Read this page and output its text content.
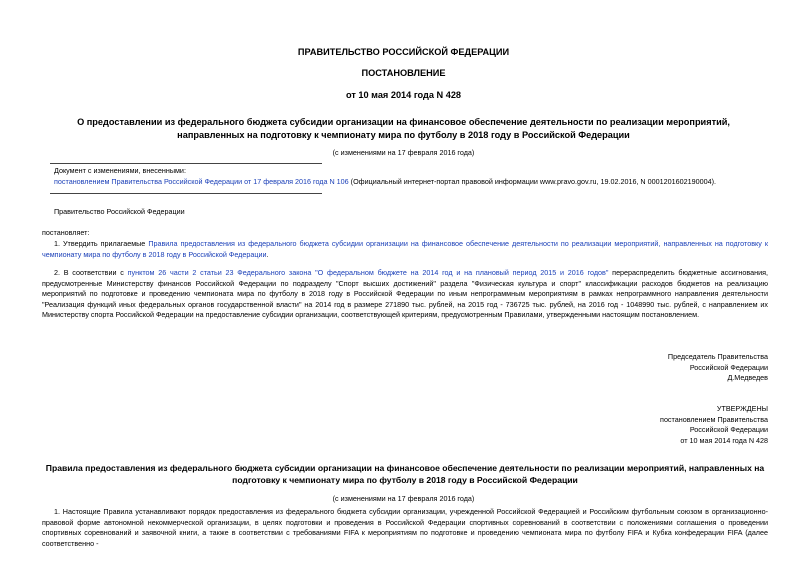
ПРАВИТЕЛЬСТВО РОССИЙСКОЙ ФЕДЕРАЦИИ
ПОСТАНОВЛЕНИЕ
от 10 мая 2014 года N 428
О предоставлении из федерального бюджета субсидии организации на финансовое обеспечение деятельности по реализации мероприятий, направленных на подготовку к чемпионату мира по футболу в 2018 году в Российской Федерации
(с изменениями на 17 февраля 2016 года)
Документ с изменениями, внесенными:
постановлением Правительства Российской Федерации от 17 февраля 2016 года N 106 (Официальный интернет-портал правовой информации www.pravo.gov.ru, 19.02.2016, N 0001201602190004).
Правительство Российской Федерации
постановляет:
1. Утвердить прилагаемые Правила предоставления из федерального бюджета субсидии организации на финансовое обеспечение деятельности по реализации мероприятий, направленных на подготовку к чемпионату мира по футболу в 2018 году в Российской Федерации.
2. В соответствии с пунктом 26 части 2 статьи 23 Федерального закона "О федеральном бюджете на 2014 год и на плановый период 2015 и 2016 годов" перераспределить бюджетные ассигнования, предусмотренные Министерству финансов Российской Федерации по подразделу "Спорт высших достижений" раздела "Физическая культура и спорт" классификации расходов бюджетов на реализацию мероприятий по подготовке и проведению чемпионата мира по футболу в 2018 году в Российской Федерации по иным непрограммным мероприятиям в рамках непрограммного направления деятельности "Реализация функций иных федеральных органов государственной власти" на 2014 год в размере 271890 тыс. рублей, на 2015 год - 736725 тыс. рублей, на 2016 год - 1048990 тыс. рублей, с направлением их Министерству спорта Российской Федерации на предоставление субсидии организации, соответствующей критериям, предусмотренным Правилами, утвержденными настоящим постановлением.
Председатель Правительства
Российской Федерации
Д.Медведев
УТВЕРЖДЕНЫ
постановлением Правительства
Российской Федерации
от 10 мая 2014 года N 428
Правила предоставления из федерального бюджета субсидии организации на финансовое обеспечение деятельности по реализации мероприятий, направленных на подготовку к чемпионату мира по футболу в 2018 году в Российской Федерации
(с изменениями на 17 февраля 2016 года)
1. Настоящие Правила устанавливают порядок предоставления из федерального бюджета субсидии организации, учрежденной Российской Федерацией и Российским футбольным союзом в организационно-правовой форме автономной некоммерческой организации, в целях подготовки и проведения в Российской Федерации спортивных соревнований в соответствии с положениями соглашения о проведении спортивных соревнований и заявочной книги, а также в соответствии с требованиями FIFA к мероприятиям по подготовке и проведению чемпионата мира по футболу FIFA и Кубка конфедерации FIFA (далее соответственно -
